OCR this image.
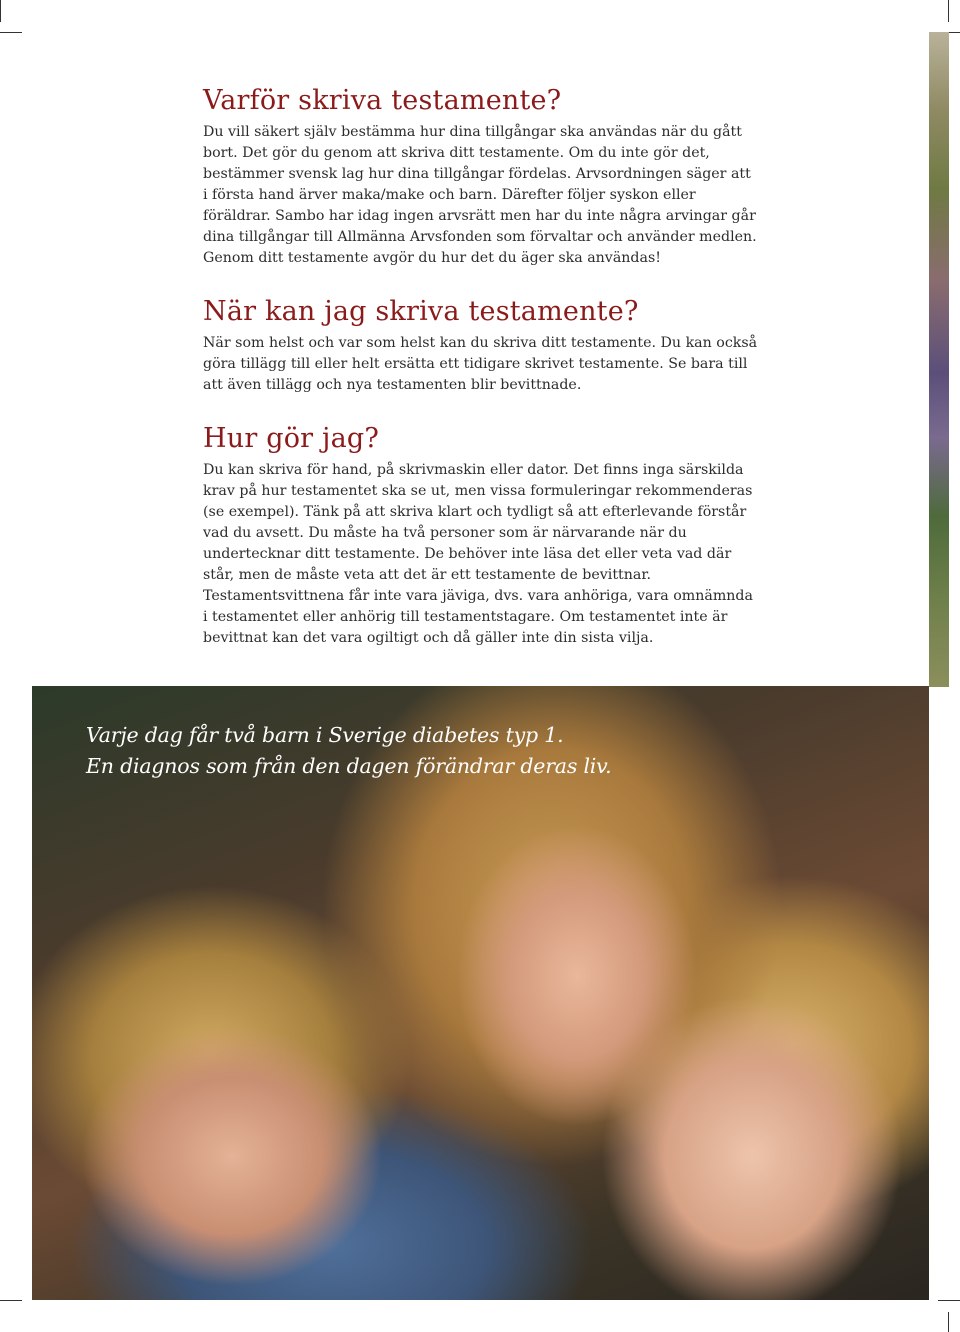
Varför skriva testamente?

Du vill säkert själv bestämma hur dina tillgångar ska användas när du gått bort. Det gör du genom att skriva ditt testamente. Om du inte gör det, bestämmer svensk lag hur dina tillgångar fördelas. Arvsordningen säger att i första hand ärver maka/make och barn. Därefter följer syskon eller föräldrar. Sambo har idag ingen arvsrätt men har du inte några arvingar går dina tillgångar till Allmänna Arvsfonden som förvaltar och använder medlen. Genom ditt testamente avgör du hur det du äger ska användas!

När kan jag skriva testamente?

När som helst och var som helst kan du skriva ditt testamente. Du kan också göra tillägg till eller helt ersätta ett tidigare skrivet testamente. Se bara till att även tillägg och nya testamenten blir bevittnade.

Hur gör jag?

Du kan skriva för hand, på skrivmaskin eller dator. Det finns inga särskilda krav på hur testamentet ska se ut, men vissa formuleringar rekommenderas (se exempel). Tänk på att skriva klart och tydligt så att efterlevande förstår vad du avsett. Du måste ha två personer som är närvarande när du undertecknar ditt testamente. De behöver inte läsa det eller veta vad där står, men de måste veta att det är ett testamente de bevittnar. Testamentsvittnena får inte vara jäviga, dvs. vara anhöriga, vara omnämnda i testamentet eller anhörig till testamentstagare. Om testamentet inte är bevittnat kan det vara ogiltigt och då gäller inte din sista vilja.

Varje dag får två barn i Sverige diabetes typ 1.
En diagnos som från den dagen förändrar deras liv.
